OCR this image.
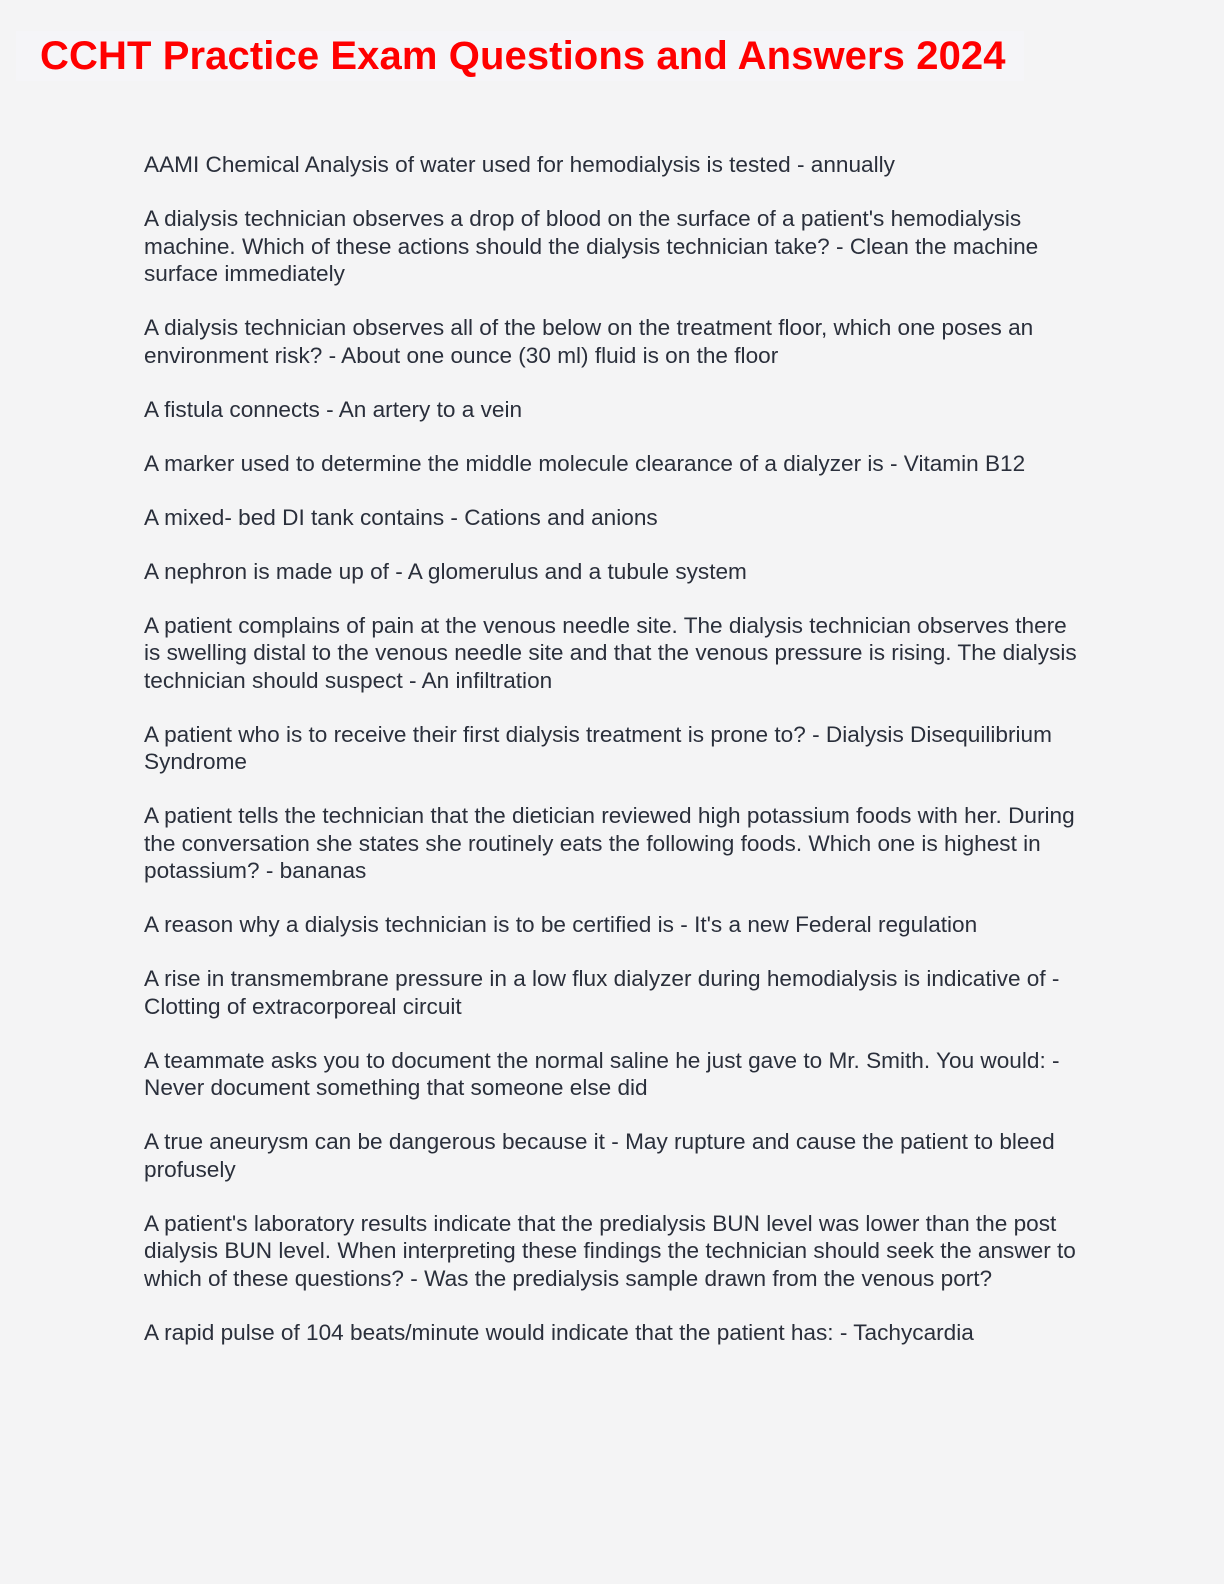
CCHT Practice Exam Questions and Answers 2024

AAMI Chemical Analysis of water used for hemodialysis is tested - annually

A dialysis technician observes a drop of blood on the surface of a patient's hemodialysis machine. Which of these actions should the dialysis technician take? - Clean the machine surface immediately

A dialysis technician observes all of the below on the treatment floor, which one poses an environment risk? - About one ounce (30 ml) fluid is on the floor

A fistula connects - An artery to a vein

A marker used to determine the middle molecule clearance of a dialyzer is - Vitamin B12

A mixed- bed DI tank contains - Cations and anions

A nephron is made up of - A glomerulus and a tubule system

A patient complains of pain at the venous needle site. The dialysis technician observes there is swelling distal to the venous needle site and that the venous pressure is rising. The dialysis technician should suspect - An infiltration

A patient who is to receive their first dialysis treatment is prone to? - Dialysis Disequilibrium Syndrome

A patient tells the technician that the dietician reviewed high potassium foods with her. During the conversation she states she routinely eats the following foods. Which one is highest in potassium? - bananas

A reason why a dialysis technician is to be certified is - It's a new Federal regulation

A rise in transmembrane pressure in a low flux dialyzer during hemodialysis is indicative of - Clotting of extracorporeal circuit

A teammate asks you to document the normal saline he just gave to Mr. Smith. You would: - Never document something that someone else did

A true aneurysm can be dangerous because it - May rupture and cause the patient to bleed profusely

A patient's laboratory results indicate that the predialysis BUN level was lower than the post dialysis BUN level. When interpreting these findings the technician should seek the answer to which of these questions? - Was the predialysis sample drawn from the venous port?

A rapid pulse of 104 beats/minute would indicate that the patient has: - Tachycardia
